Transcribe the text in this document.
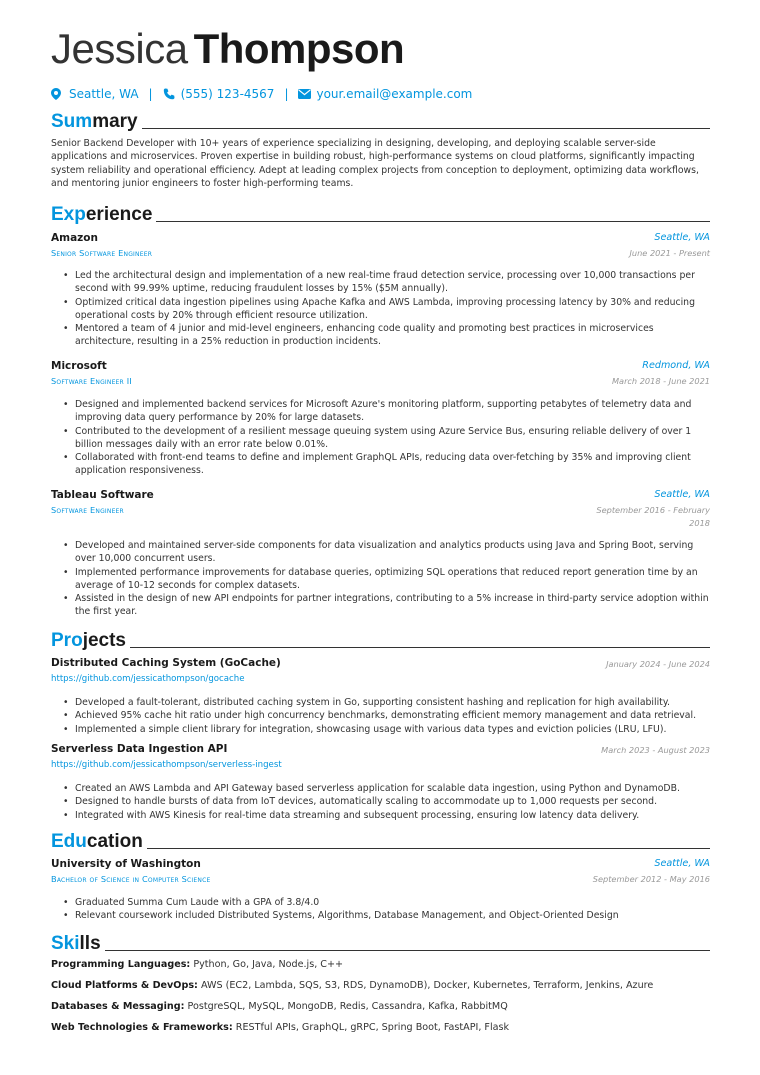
Jessica Thompson
Seattle, WA | (555) 123-4567 | your.email@example.com
Summary

Senior Backend Developer with 10+ years of experience specializing in designing, developing, and deploying scalable server-side applications and microservices. Proven expertise in building robust, high-performance systems on cloud platforms, significantly impacting system reliability and operational efficiency. Adept at leading complex projects from conception to deployment, optimizing data workflows, and mentoring junior engineers to foster high-performing teams.

Experience
Amazon	Seattle, WA
Senior Software Engineer	June 2021 - Present
• Led the architectural design and implementation of a new real-time fraud detection service, processing over 10,000 transactions per second with 99.99% uptime, reducing fraudulent losses by 15% ($5M annually).
• Optimized critical data ingestion pipelines using Apache Kafka and AWS Lambda, improving processing latency by 30% and reducing operational costs by 20% through efficient resource utilization.
• Mentored a team of 4 junior and mid-level engineers, enhancing code quality and promoting best practices in microservices architecture, resulting in a 25% reduction in production incidents.
Microsoft	Redmond, WA
Software Engineer II	March 2018 - June 2021
• Designed and implemented backend services for Microsoft Azure's monitoring platform, supporting petabytes of telemetry data and improving data query performance by 20% for large datasets.
• Contributed to the development of a resilient message queuing system using Azure Service Bus, ensuring reliable delivery of over 1 billion messages daily with an error rate below 0.01%.
• Collaborated with front-end teams to define and implement GraphQL APIs, reducing data over-fetching by 35% and improving client application responsiveness.
Tableau Software	Seattle, WA
Software Engineer	September 2016 - February 2018
• Developed and maintained server-side components for data visualization and analytics products using Java and Spring Boot, serving over 10,000 concurrent users.
• Implemented performance improvements for database queries, optimizing SQL operations that reduced report generation time by an average of 10-12 seconds for complex datasets.
• Assisted in the design of new API endpoints for partner integrations, contributing to a 5% increase in third-party service adoption within the first year.
Projects
Distributed Caching System (GoCache)	January 2024 - June 2024
https://github.com/jessicathompson/gocache
• Developed a fault-tolerant, distributed caching system in Go, supporting consistent hashing and replication for high availability.
• Achieved 95% cache hit ratio under high concurrency benchmarks, demonstrating efficient memory management and data retrieval.
• Implemented a simple client library for integration, showcasing usage with various data types and eviction policies (LRU, LFU).
Serverless Data Ingestion API	March 2023 - August 2023
https://github.com/jessicathompson/serverless-ingest
• Created an AWS Lambda and API Gateway based serverless application for scalable data ingestion, using Python and DynamoDB.
• Designed to handle bursts of data from IoT devices, automatically scaling to accommodate up to 1,000 requests per second.
• Integrated with AWS Kinesis for real-time data streaming and subsequent processing, ensuring low latency data delivery.
Education
University of Washington	Seattle, WA
Bachelor of Science in Computer Science	September 2012 - May 2016
• Graduated Summa Cum Laude with a GPA of 3.8/4.0
• Relevant coursework included Distributed Systems, Algorithms, Database Management, and Object-Oriented Design
Skills
Programming Languages: Python, Go, Java, Node.js, C++
Cloud Platforms & DevOps: AWS (EC2, Lambda, SQS, S3, RDS, DynamoDB), Docker, Kubernetes, Terraform, Jenkins, Azure
Databases & Messaging: PostgreSQL, MySQL, MongoDB, Redis, Cassandra, Kafka, RabbitMQ
Web Technologies & Frameworks: RESTful APIs, GraphQL, gRPC, Spring Boot, FastAPI, Flask
